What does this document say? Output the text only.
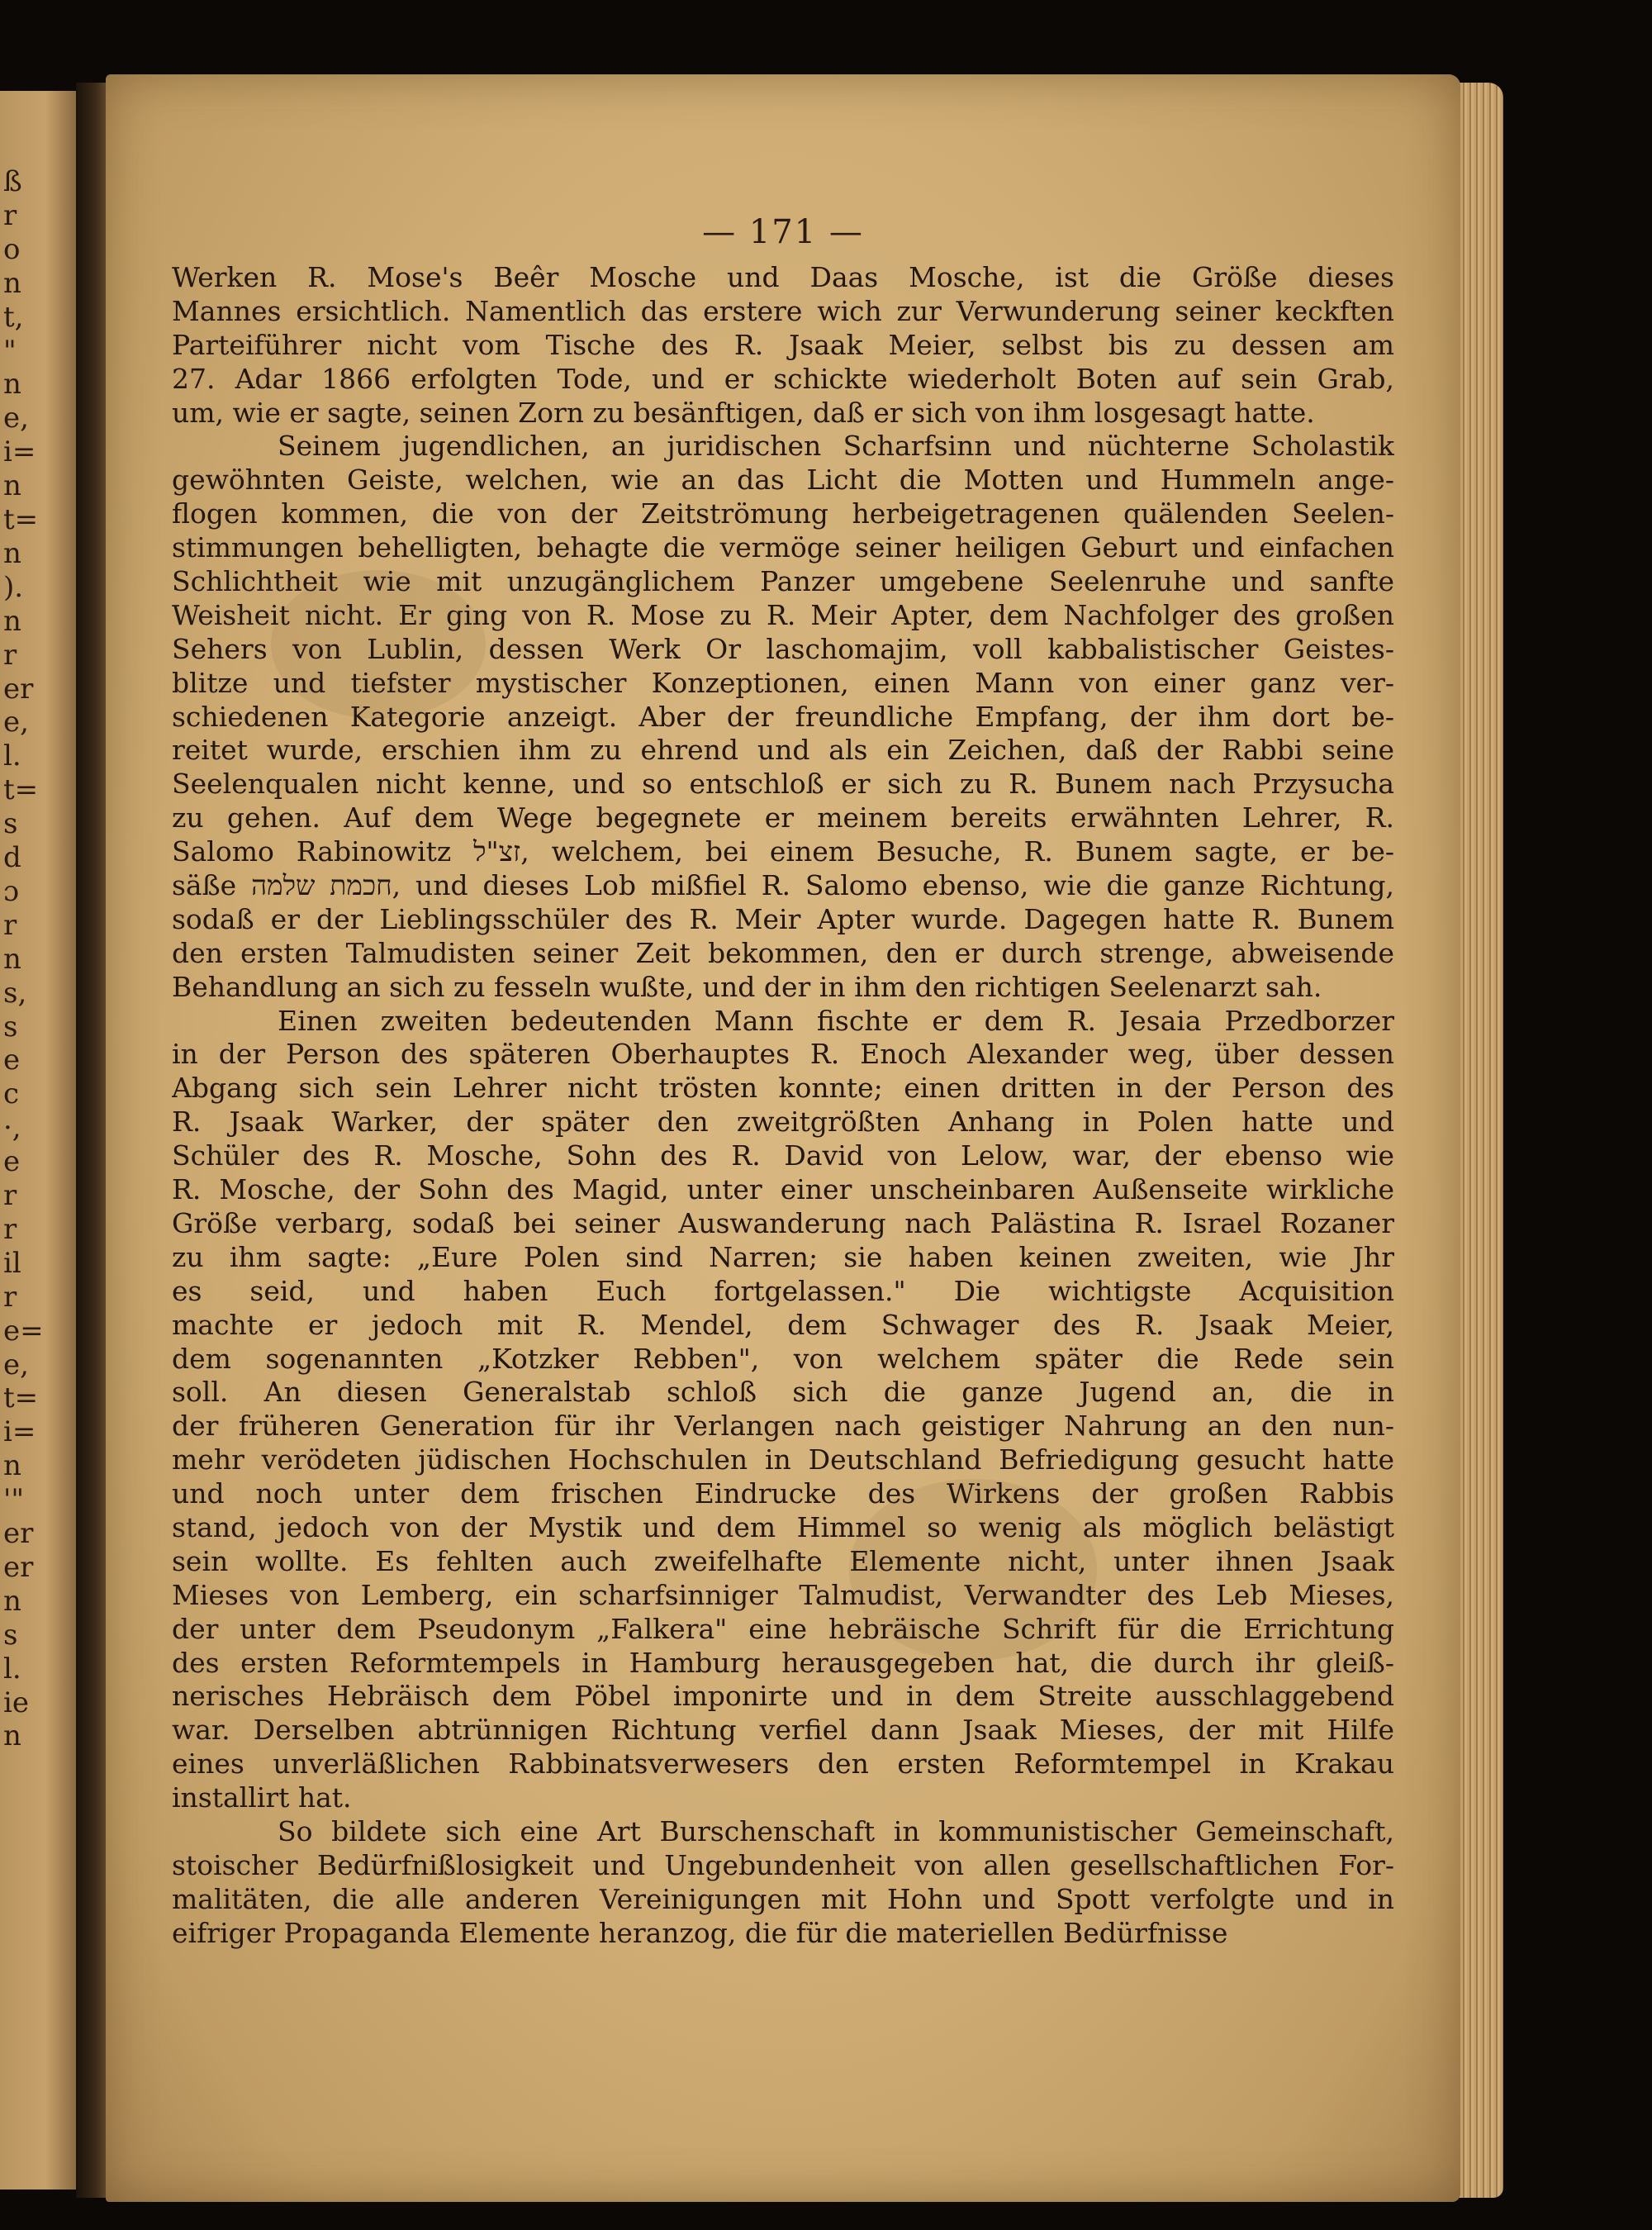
ß
r
o
n
t,
"
n
e,
i=
n
t=
n
).
n
r
er
e,
l.
t=
s
d
ɔ
r
n
s,
s
e
c
·,
e
r
r
il
r
e=
e,
t=
i=
n
'"
er
er
n
s
l.
ie
n
— 171 —
Werken R. Mose's Beêr Mosche und Daas Mosche, ist die Größe dieses
Mannes ersichtlich. Namentlich das erstere wich zur Verwunderung seiner keckften
Parteiführer nicht vom Tische des R. Jsaak Meier, selbst bis zu dessen am
27. Adar 1866 erfolgten Tode, und er schickte wiederholt Boten auf sein Grab,
um, wie er sagte, seinen Zorn zu besänftigen, daß er sich von ihm losgesagt hatte.
Seinem jugendlichen, an juridischen Scharfsinn und nüchterne Scholastik
gewöhnten Geiste, welchen, wie an das Licht die Motten und Hummeln ange-
flogen kommen, die von der Zeitströmung herbeigetragenen quälenden Seelen-
stimmungen behelligten, behagte die vermöge seiner heiligen Geburt und einfachen
Schlichtheit wie mit unzugänglichem Panzer umgebene Seelenruhe und sanfte
Weisheit nicht. Er ging von R. Mose zu R. Meir Apter, dem Nachfolger des großen
Sehers von Lublin, dessen Werk Or laschomajim, voll kabbalistischer Geistes-
blitze und tiefster mystischer Konzeptionen, einen Mann von einer ganz ver-
schiedenen Kategorie anzeigt. Aber der freundliche Empfang, der ihm dort be-
reitet wurde, erschien ihm zu ehrend und als ein Zeichen, daß der Rabbi seine
Seelenqualen nicht kenne, und so entschloß er sich zu R. Bunem nach Przysucha
zu gehen. Auf dem Wege begegnete er meinem bereits erwähnten Lehrer, R.
Salomo Rabinowitz זצ"ל, welchem, bei einem Besuche, R. Bunem sagte, er be-
säße חכמת שלמה, und dieses Lob mißfiel R. Salomo ebenso, wie die ganze Richtung,
sodaß er der Lieblingsschüler des R. Meir Apter wurde. Dagegen hatte R. Bunem
den ersten Talmudisten seiner Zeit bekommen, den er durch strenge, abweisende
Behandlung an sich zu fesseln wußte, und der in ihm den richtigen Seelenarzt sah.
Einen zweiten bedeutenden Mann fischte er dem R. Jesaia Przedborzer
in der Person des späteren Oberhauptes R. Enoch Alexander weg, über dessen
Abgang sich sein Lehrer nicht trösten konnte; einen dritten in der Person des
R. Jsaak Warker, der später den zweitgrößten Anhang in Polen hatte und
Schüler des R. Mosche, Sohn des R. David von Lelow, war, der ebenso wie
R. Mosche, der Sohn des Magid, unter einer unscheinbaren Außenseite wirkliche
Größe verbarg, sodaß bei seiner Auswanderung nach Palästina R. Israel Rozaner
zu ihm sagte: „Eure Polen sind Narren; sie haben keinen zweiten, wie Jhr
es seid, und haben Euch fortgelassen." Die wichtigste Acquisition
machte er jedoch mit R. Mendel, dem Schwager des R. Jsaak Meier,
dem sogenannten „Kotzker Rebben", von welchem später die Rede sein
soll. An diesen Generalstab schloß sich die ganze Jugend an, die in
der früheren Generation für ihr Verlangen nach geistiger Nahrung an den nun-
mehr verödeten jüdischen Hochschulen in Deutschland Befriedigung gesucht hatte
und noch unter dem frischen Eindrucke des Wirkens der großen Rabbis
stand, jedoch von der Mystik und dem Himmel so wenig als möglich belästigt
sein wollte. Es fehlten auch zweifelhafte Elemente nicht, unter ihnen Jsaak
Mieses von Lemberg, ein scharfsinniger Talmudist, Verwandter des Leb Mieses,
der unter dem Pseudonym „Falkera" eine hebräische Schrift für die Errichtung
des ersten Reformtempels in Hamburg herausgegeben hat, die durch ihr gleiß-
nerisches Hebräisch dem Pöbel imponirte und in dem Streite ausschlaggebend
war. Derselben abtrünnigen Richtung verfiel dann Jsaak Mieses, der mit Hilfe
eines unverläßlichen Rabbinatsverwesers den ersten Reformtempel in Krakau
installirt hat.
So bildete sich eine Art Burschenschaft in kommunistischer Gemeinschaft,
stoischer Bedürfnißlosigkeit und Ungebundenheit von allen gesellschaftlichen For-
malitäten, die alle anderen Vereinigungen mit Hohn und Spott verfolgte und in
eifriger Propaganda Elemente heranzog, die für die materiellen Bedürfnisse
